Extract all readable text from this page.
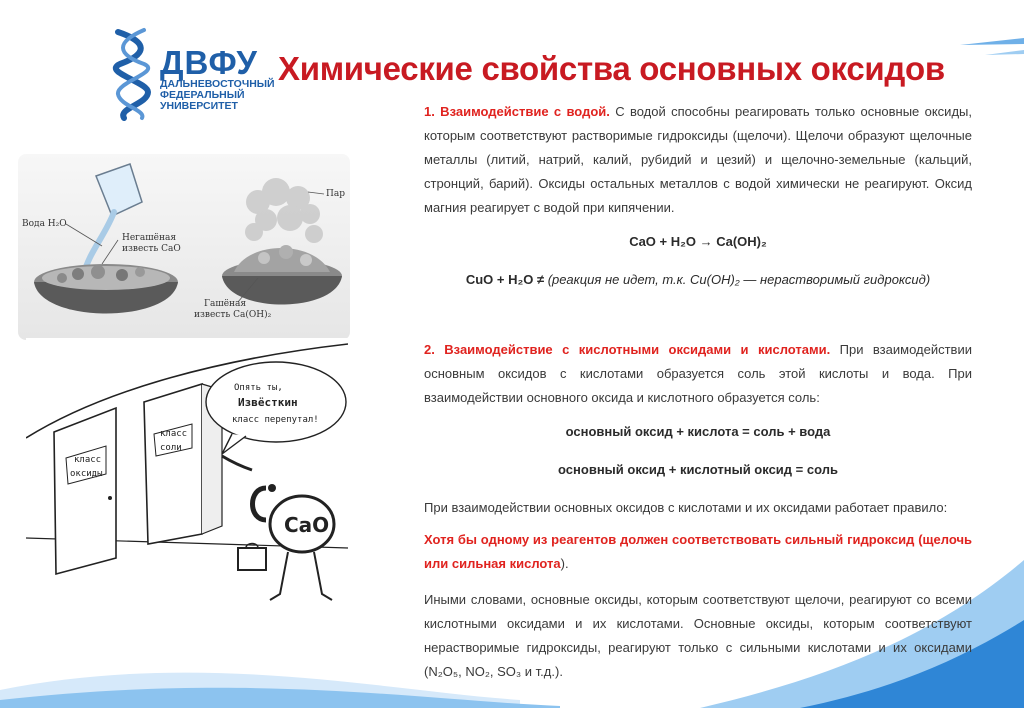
ДВФУ
ДАЛЬНЕВОСТОЧНЫЙ
ФЕДЕРАЛЬНЫЙ
УНИВЕРСИТЕТ
Химические свойства основных оксидов
Вода H₂O
Негашёная
известь CaO
Пар
Гашёная
известь Ca(OH)₂
класс
оксиды
класс
соли
Опять ты,
Извёсткин
класс перепутал!
CaO

1. Взаимодействие с водой. С водой способны реагировать только основные оксиды, которым соответствуют растворимые гидроксиды (щелочи). Щелочи образуют щелочные металлы (литий, натрий, калий, рубидий и цезий) и щелочно-земельные (кальций, стронций, барий). Оксиды остальных металлов с водой химически не реагируют. Оксид магния реагирует с водой при кипячении.

CaO + H₂O → Ca(OH)₂
CuO + H₂O ≠ (реакция не идет, т.к. Cu(OH)₂ — нерастворимый гидроксид)

2. Взаимодействие с кислотными оксидами и кислотами. При взаимодействии основным оксидов с кислотами образуется соль этой кислоты и вода. При взаимодействии основного оксида и кислотного образуется соль:

основный оксид + кислота = соль + вода
основный оксид + кислотный оксид = соль

При взаимодействии основных оксидов с кислотами и их оксидами работает правило:

Хотя бы одному из реагентов должен соответствовать сильный гидроксид (щелочь или сильная кислота).

Иными словами, основные оксиды, которым соответствуют щелочи, реагируют со всеми кислотными оксидами и их кислотами. Основные оксиды, которым соответствуют нерастворимые гидроксиды, реагируют только с сильными кислотами и их оксидами (N₂O₅, NO₂, SO₃ и т.д.).
